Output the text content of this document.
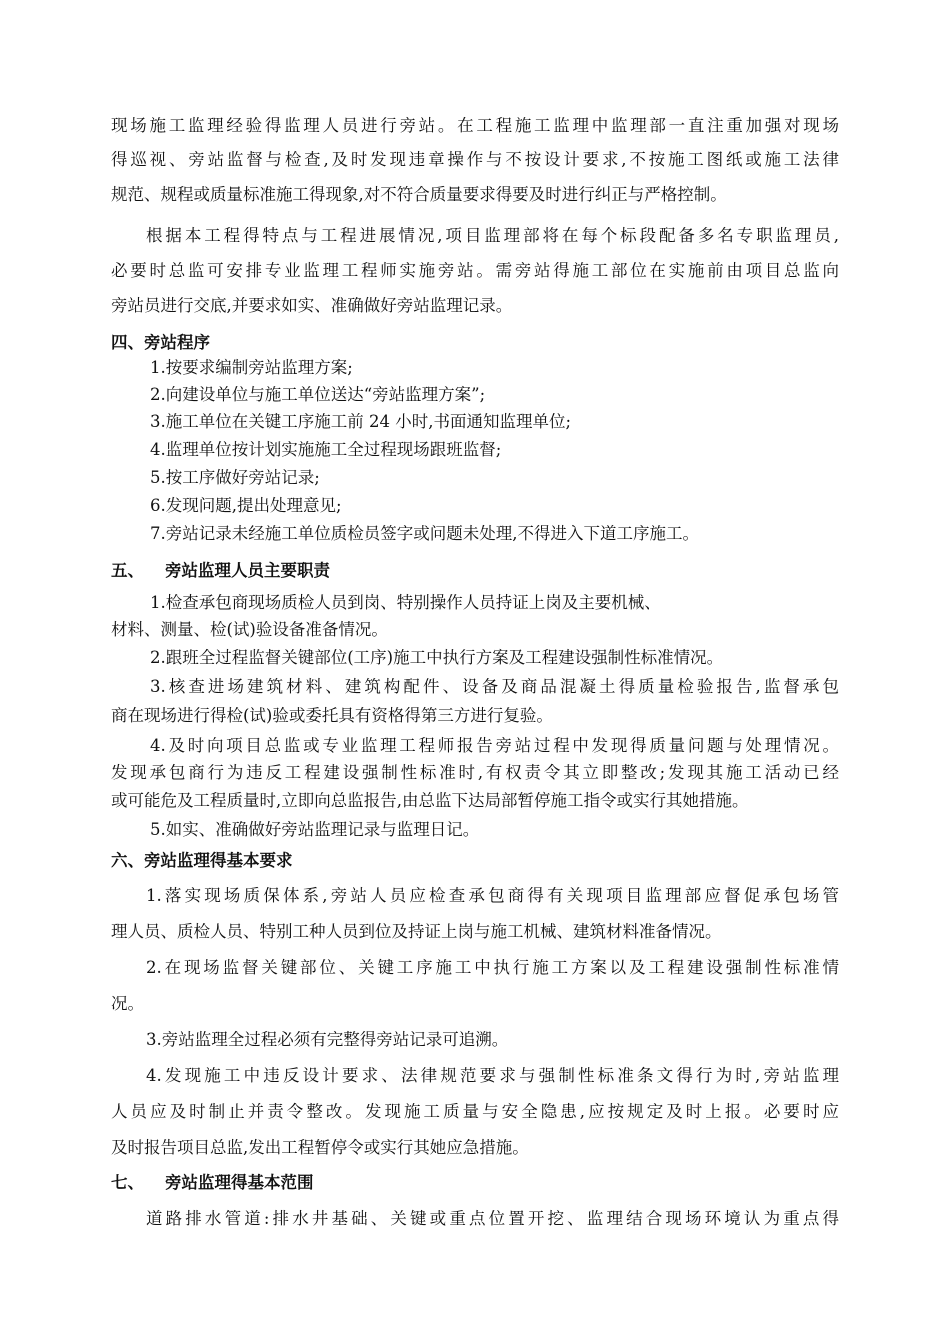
现场施工监理经验得监理人员进行旁站。在工程施工监理中监理部一直注重加强对现场

得巡视、旁站监督与检查,及时发现违章操作与不按设计要求,不按施工图纸或施工法律

规范、规程或质量标准施工得现象,对不符合质量要求得要及时进行纠正与严格控制。

根据本工程得特点与工程进展情况,项目监理部将在每个标段配备多名专职监理员,

必要时总监可安排专业监理工程师实施旁站。需旁站得施工部位在实施前由项目总监向

旁站员进行交底,并要求如实、准确做好旁站监理记录。

四、旁站程序

1.按要求编制旁站监理方案;

2.向建设单位与施工单位送达“旁站监理方案”;

3.施工单位在关键工序施工前 24 小时,书面通知监理单位;

4.监理单位按计划实施施工全过程现场跟班监督;

5.按工序做好旁站记录;

6.发现问题,提出处理意见;

7.旁站记录未经施工单位质检员签字或问题未处理,不得进入下道工序施工。

五、 旁站监理人员主要职责

1.检查承包商现场质检人员到岗、特别操作人员持证上岗及主要机械、

材料、测量、检(试)验设备准备情况。

2.跟班全过程监督关键部位(工序)施工中执行方案及工程建设强制性标准情况。

3.核查进场建筑材料、建筑构配件、设备及商品混凝土得质量检验报告,监督承包

商在现场进行得检(试)验或委托具有资格得第三方进行复验。

4.及时向项目总监或专业监理工程师报告旁站过程中发现得质量问题与处理情况。

发现承包商行为违反工程建设强制性标准时,有权责令其立即整改;发现其施工活动已经

或可能危及工程质量时,立即向总监报告,由总监下达局部暂停施工指令或实行其她措施。

5.如实、准确做好旁站监理记录与监理日记。

六、旁站监理得基本要求

1.落实现场质保体系,旁站人员应检查承包商得有关现项目监理部应督促承包场管

理人员、质检人员、特别工种人员到位及持证上岗与施工机械、建筑材料准备情况。

2.在现场监督关键部位、关键工序施工中执行施工方案以及工程建设强制性标准情

况。

3.旁站监理全过程必须有完整得旁站记录可追溯。

4.发现施工中违反设计要求、法律规范要求与强制性标准条文得行为时,旁站监理

人员应及时制止并责令整改。发现施工质量与安全隐患,应按规定及时上报。必要时应

及时报告项目总监,发出工程暂停令或实行其她应急措施。

七、 旁站监理得基本范围

道路排水管道:排水井基础、关键或重点位置开挖、监理结合现场环境认为重点得
